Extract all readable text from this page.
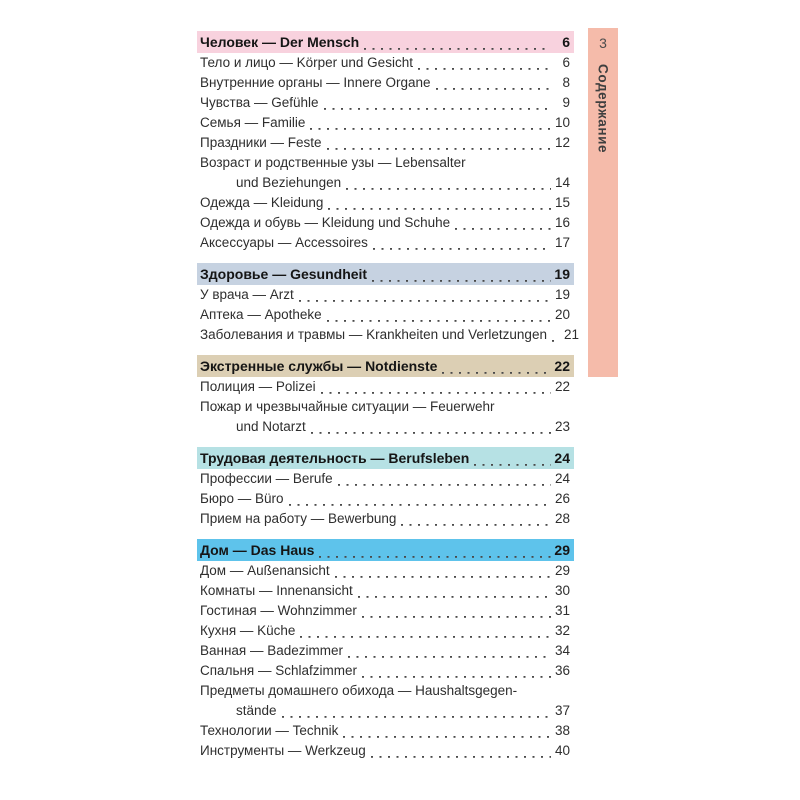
Человек — Der Mensch	6
Тело и лицо — Körper und Gesicht	6
Внутренние органы — Innere Organe	8
Чувства — Gefühle	9
Семья — Familie	10
Праздники — Feste	12
Возраст и родственные узы — Lebensalter
und Beziehungen	14
Одежда — Kleidung	15
Одежда и обувь — Kleidung und Schuhe	16
Аксессуары — Accessoires	17
Здоровье — Gesundheit	19
У врача — Arzt	19
Аптека — Apotheke	20
Заболевания и травмы — Krankheiten und Verletzungen 21
Экстренные службы — Notdienste	22
Полиция — Polizei	22
Пожар и чрезвычайные ситуации — Feuerwehr
und Notarzt	23
Трудовая деятельность — Berufsleben	24
Профессии — Berufe	24
Бюро — Büro	26
Прием на работу — Bewerbung	28
Дом — Das Haus	29
Дом — Außenansicht	29
Комнаты — Innenansicht	30
Гостиная — Wohnzimmer	31
Кухня — Küche	32
Ванная — Badezimmer	34
Спальня — Schlafzimmer	36
Предметы домашнего обихода — Haushaltsgegen-
stände	37
Технологии — Technik	38
Инструменты — Werkzeug	40
3
Содержание
